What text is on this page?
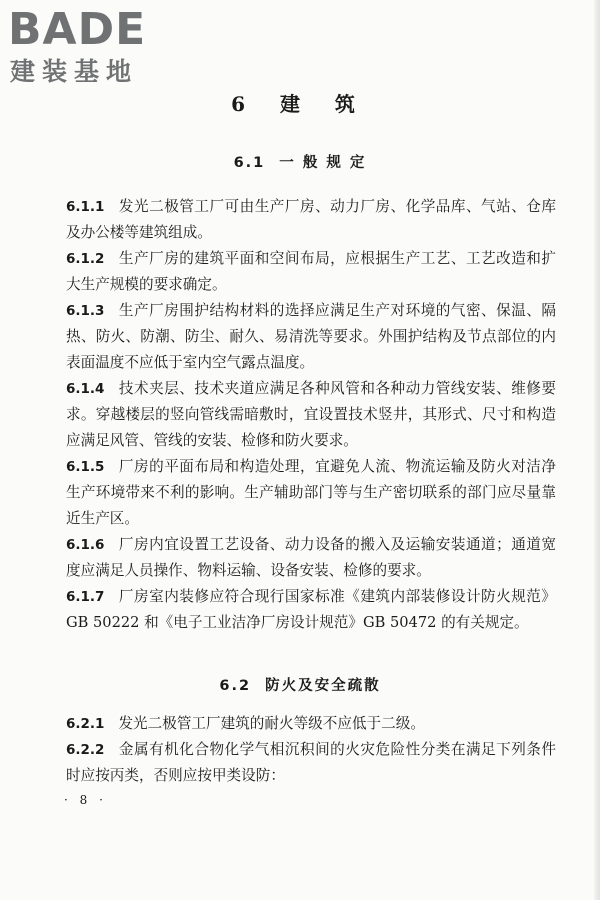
BADE
建装基地
6 建 筑
6.1 一 般 规 定

6.1.1 发光二极管工厂可由生产厂房、动力厂房、化学品库、气站、仓库及办公楼等建筑组成。

6.1.2 生产厂房的建筑平面和空间布局，应根据生产工艺、工艺改造和扩大生产规模的要求确定。

6.1.3 生产厂房围护结构材料的选择应满足生产对环境的气密、保温、隔热、防火、防潮、防尘、耐久、易清洗等要求。外围护结构及节点部位的内表面温度不应低于室内空气露点温度。

6.1.4 技术夹层、技术夹道应满足各种风管和各种动力管线安装、维修要求。穿越楼层的竖向管线需暗敷时，宜设置技术竖井，其形式、尺寸和构造应满足风管、管线的安装、检修和防火要求。

6.1.5 厂房的平面布局和构造处理，宜避免人流、物流运输及防火对洁净生产环境带来不利的影响。生产辅助部门等与生产密切联系的部门应尽量靠近生产区。

6.1.6 厂房内宜设置工艺设备、动力设备的搬入及运输安装通道；通道宽度应满足人员操作、物料运输、设备安装、检修的要求。

6.1.7 厂房室内装修应符合现行国家标准《建筑内部装修设计防火规范》GB 50222 和《电子工业洁净厂房设计规范》GB 50472 的有关规定。

6.2 防火及安全疏散

6.2.1 发光二极管工厂建筑的耐火等级不应低于二级。

6.2.2 金属有机化合物化学气相沉积间的火灾危险性分类在满足下列条件时应按丙类，否则应按甲类设防：

· 8 ·
